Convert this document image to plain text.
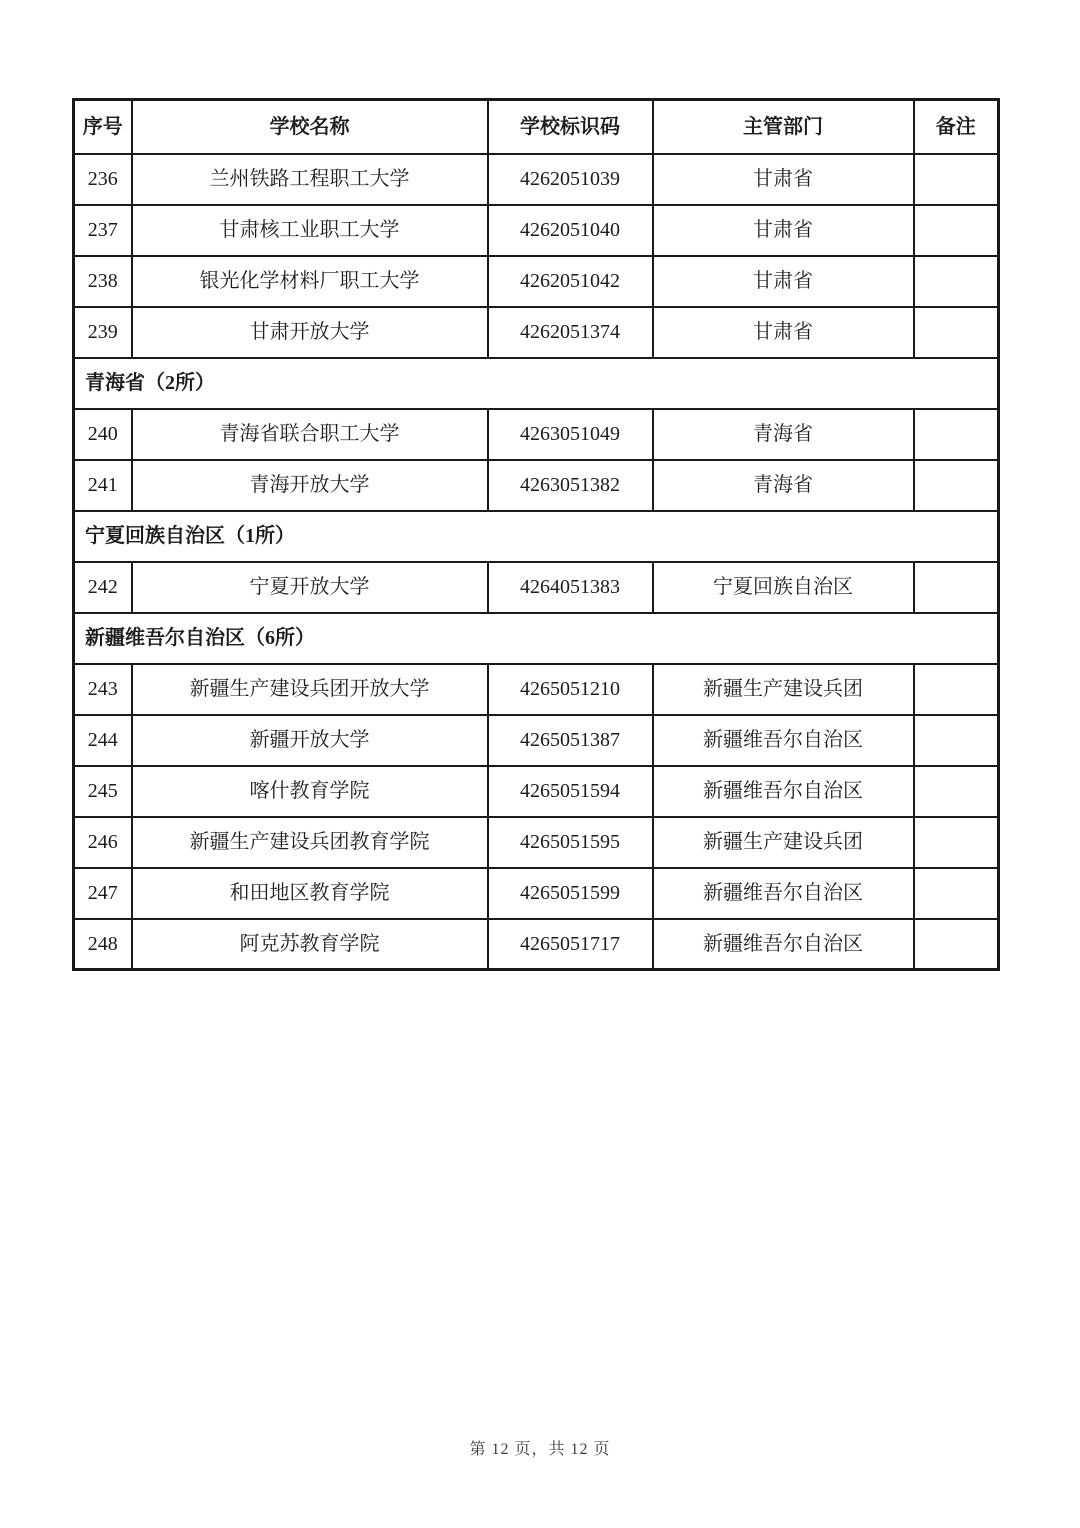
序号	学校名称	学校标识码	主管部门	备注
236	兰州铁路工程职工大学	4262051039	甘肃省	
237	甘肃核工业职工大学	4262051040	甘肃省	
238	银光化学材料厂职工大学	4262051042	甘肃省	
239	甘肃开放大学	4262051374	甘肃省	
青海省（2所）				
240	青海省联合职工大学	4263051049	青海省	
241	青海开放大学	4263051382	青海省	
宁夏回族自治区（1所）				
242	宁夏开放大学	4264051383	宁夏回族自治区	
新疆维吾尔自治区（6所）				
243	新疆生产建设兵团开放大学	4265051210	新疆生产建设兵团	
244	新疆开放大学	4265051387	新疆维吾尔自治区	
245	喀什教育学院	4265051594	新疆维吾尔自治区	
246	新疆生产建设兵团教育学院	4265051595	新疆生产建设兵团	
247	和田地区教育学院	4265051599	新疆维吾尔自治区	
248	阿克苏教育学院	4265051717	新疆维吾尔自治区	
第 12 页，共 12 页
